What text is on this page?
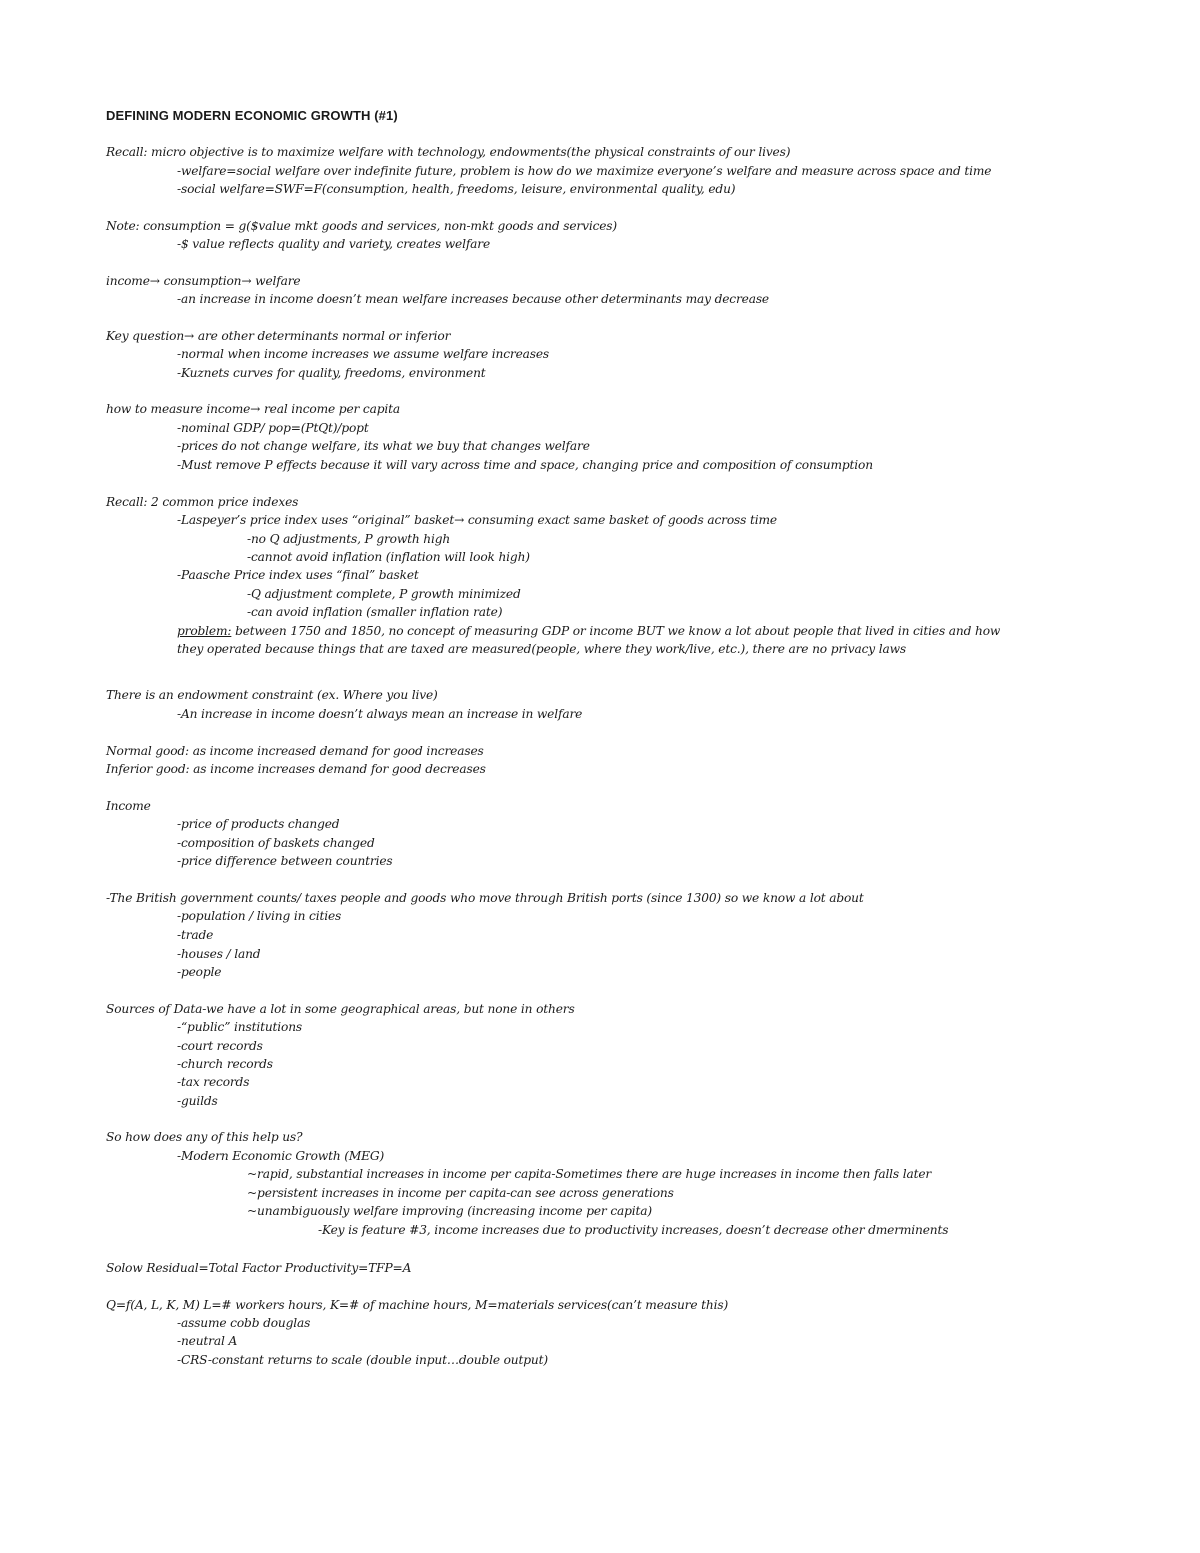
DEFINING MODERN ECONOMIC GROWTH (#1)
Recall: micro objective is to maximize welfare with technology, endowments(the physical constraints of our lives)
-welfare=social welfare over indefinite future, problem is how do we maximize everyone’s welfare and measure across space and time
-social welfare=SWF=F(consumption, health, freedoms, leisure, environmental quality, edu)
Note: consumption = g($value mkt goods and services, non-mkt goods and services)
-$ value reflects quality and variety, creates welfare
income→ consumption→ welfare
-an increase in income doesn’t mean welfare increases because other determinants may decrease
Key question→ are other determinants normal or inferior
-normal when income increases we assume welfare increases
-Kuznets curves for quality, freedoms, environment
how to measure income→ real income per capita
-nominal GDP/ pop=(PtQt)/popt
-prices do not change welfare, its what we buy that changes welfare
-Must remove P effects because it will vary across time and space, changing price and composition of consumption
Recall: 2 common price indexes
-Laspeyer’s price index uses “original” basket→ consuming exact same basket of goods across time
-no Q adjustments, P growth high
-cannot avoid inflation (inflation will look high)
-Paasche Price index uses “final” basket
-Q adjustment complete, P growth minimized
-can avoid inflation (smaller inflation rate)
problem: between 1750 and 1850, no concept of measuring GDP or income BUT we know a lot about people that lived in cities and how
they operated because things that are taxed are measured(people, where they work/live, etc.), there are no privacy laws
There is an endowment constraint (ex. Where you live)
-An increase in income doesn’t always mean an increase in welfare
Normal good: as income increased demand for good increases
Inferior good: as income increases demand for good decreases
Income
-price of products changed
-composition of baskets changed
-price difference between countries
-The British government counts/ taxes people and goods who move through British ports (since 1300) so we know a lot about
-population / living in cities
-trade
-houses / land
-people
Sources of Data-we have a lot in some geographical areas, but none in others
-“public” institutions
-court records
-church records
-tax records
-guilds
So how does any of this help us?
-Modern Economic Growth (MEG)
~rapid, substantial increases in income per capita-Sometimes there are huge increases in income then falls later
~persistent increases in income per capita-can see across generations
~unambiguously welfare improving (increasing income per capita)
-Key is feature #3, income increases due to productivity increases, doesn’t decrease other dmerminents
Solow Residual=Total Factor Productivity=TFP=A
Q=f(A, L, K, M) L=# workers hours, K=# of machine hours, M=materials services(can’t measure this)
-assume cobb douglas
-neutral A
-CRS-constant returns to scale (double input…double output)
